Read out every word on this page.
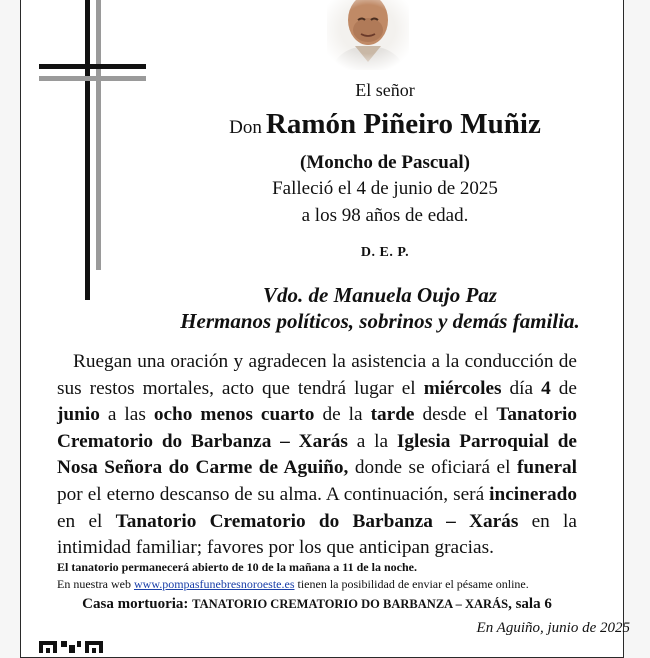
El señor

Don Ramón Piñeiro Muñiz

(Moncho de Pascual)

Falleció el 4 de junio de 2025

a los 98 años de edad.

D. E. P.

Vdo. de Manuela Oujo Paz

Hermanos políticos, sobrinos y demás familia.

Ruegan una oración y agradecen la asistencia a la conducción de sus restos mortales, acto que tendrá lugar el miércoles día 4 de junio a las ocho menos cuarto de la tarde desde el Tanatorio Crematorio do Barbanza – Xarás a la Iglesia Parroquial de Nosa Señora do Carme de Aguiño, donde se oficiará el funeral por el eterno descanso de su alma. A continuación, será incinerado en el Tanatorio Crematorio do Barbanza – Xarás en la intimidad familiar; favores por los que anticipan gracias.

El tanatorio permanecerá abierto de 10 de la mañana a 11 de la noche.

En nuestra web www.pompasfunebresnoroeste.es tienen la posibilidad de enviar el pésame online.

Casa mortuoria: TANATORIO CREMATORIO DO BARBANZA – XARÁS, sala 6

En Aguiño, junio de 2025
